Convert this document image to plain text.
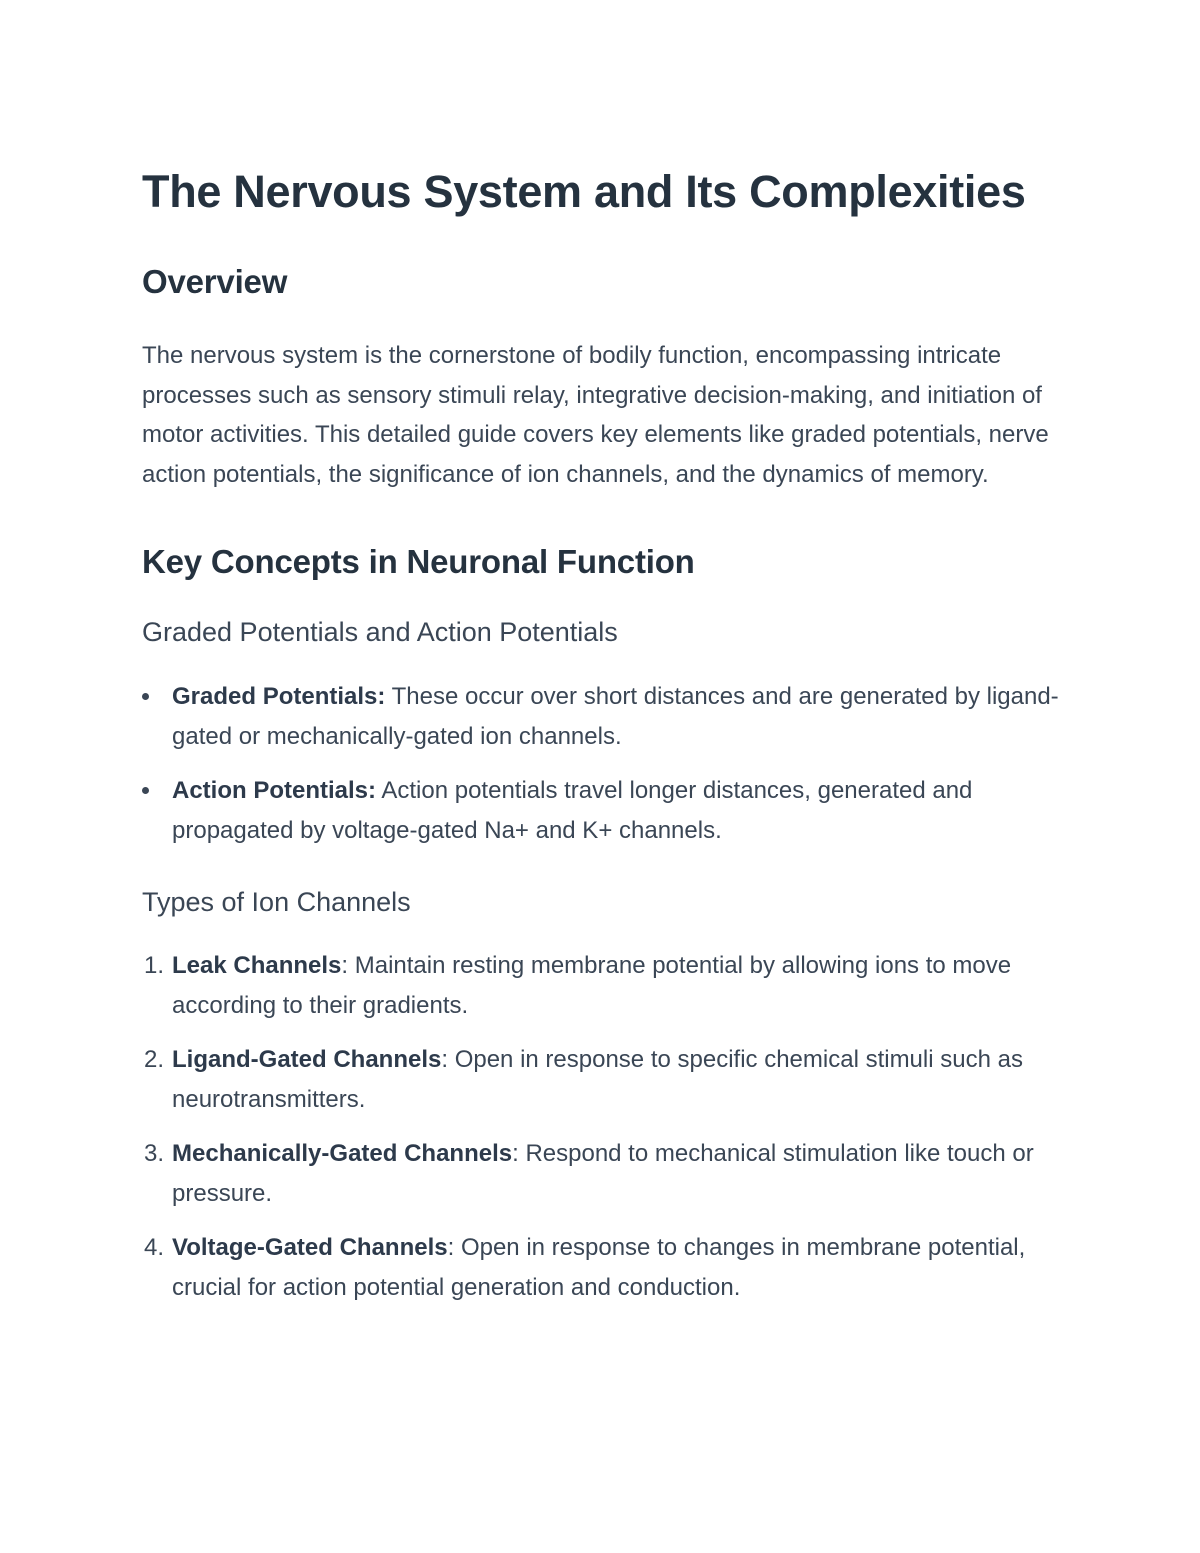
The Nervous System and Its Complexities
Overview

The nervous system is the cornerstone of bodily function, encompassing intricate processes such as sensory stimuli relay, integrative decision-making, and initiation of motor activities. This detailed guide covers key elements like graded potentials, nerve action potentials, the significance of ion channels, and the dynamics of memory.

Key Concepts in Neuronal Function
Graded Potentials and Action Potentials
Graded Potentials: These occur over short distances and are generated by ligand-gated or mechanically-gated ion channels.
Action Potentials: Action potentials travel longer distances, generated and propagated by voltage-gated Na+ and K+ channels.
Types of Ion Channels
1. Leak Channels: Maintain resting membrane potential by allowing ions to move according to their gradients.
2. Ligand-Gated Channels: Open in response to specific chemical stimuli such as neurotransmitters.
3. Mechanically-Gated Channels: Respond to mechanical stimulation like touch or pressure.
4. Voltage-Gated Channels: Open in response to changes in membrane potential, crucial for action potential generation and conduction.
